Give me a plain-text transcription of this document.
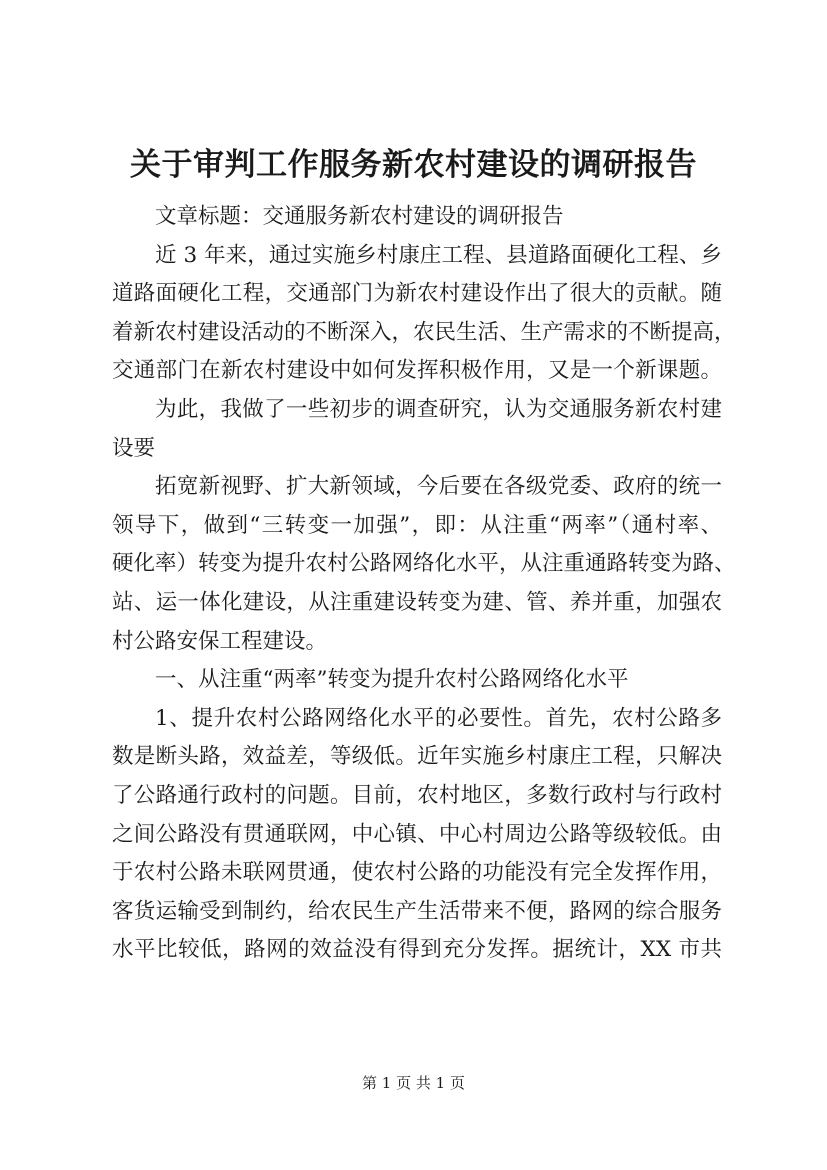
关于审判工作服务新农村建设的调研报告
文章标题：交通服务新农村建设的调研报告
近 3 年来，通过实施乡村康庄工程、县道路面硬化工程、乡
道路面硬化工程，交通部门为新农村建设作出了很大的贡献。随
着新农村建设活动的不断深入，农民生活、生产需求的不断提高，
交通部门在新农村建设中如何发挥积极作用，又是一个新课题。
为此，我做了一些初步的调查研究，认为交通服务新农村建
设要
拓宽新视野、扩大新领域，今后要在各级党委、政府的统一
领导下，做到“三转变一加强”，即：从注重“两率”（通村率、
硬化率）转变为提升农村公路网络化水平，从注重通路转变为路、
站、运一体化建设，从注重建设转变为建、管、养并重，加强农
村公路安保工程建设。
一、从注重“两率”转变为提升农村公路网络化水平
1、提升农村公路网络化水平的必要性。首先，农村公路多
数是断头路，效益差，等级低。近年实施乡村康庄工程，只解决
了公路通行政村的问题。目前，农村地区，多数行政村与行政村
之间公路没有贯通联网，中心镇、中心村周边公路等级较低。由
于农村公路未联网贯通，使农村公路的功能没有完全发挥作用，
客货运输受到制约，给农民生产生活带来不便，路网的综合服务
水平比较低，路网的效益没有得到充分发挥。据统计，XX 市共
第 1 页 共 1 页
